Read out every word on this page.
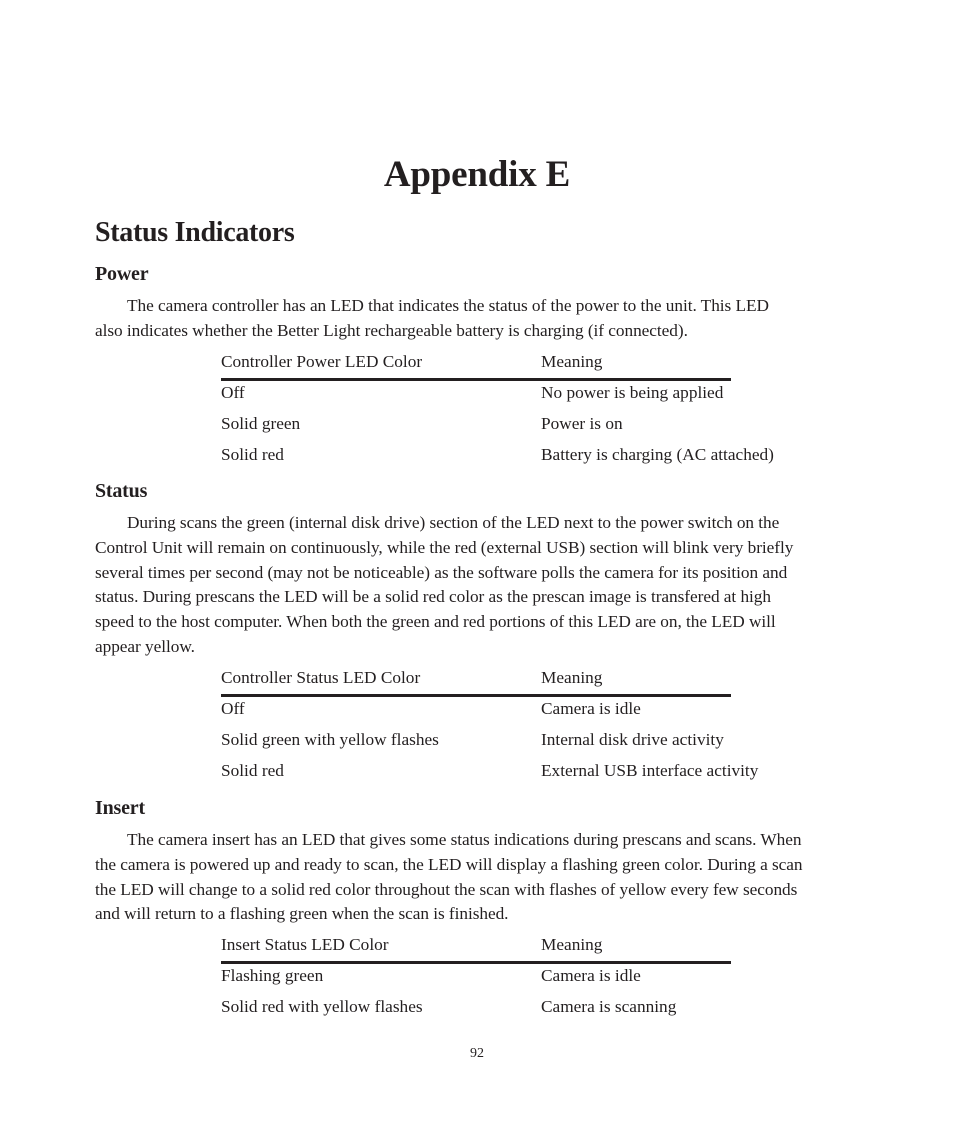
Appendix E
Status Indicators
Power

The camera controller has an LED that indicates the status of the power to the unit. This LED
also indicates whether the Better Light rechargeable battery is charging (if connected).

Controller Power LED Color	Meaning
Off	No power is being applied
Solid green	Power is on
Solid red	Battery is charging (AC attached)
Status

During scans the green (internal disk drive) section of the LED next to the power switch on the
Control Unit will remain on continuously, while the red (external USB) section will blink very briefly
several times per second (may not be noticeable) as the software polls the camera for its position and
status. During prescans the LED will be a solid red color as the prescan image is transfered at high
speed to the host computer. When both the green and red portions of this LED are on, the LED will
appear yellow.

Controller Status LED Color	Meaning
Off	Camera is idle
Solid green with yellow flashes	Internal disk drive activity
Solid red	External USB interface activity
Insert

The camera insert has an LED that gives some status indications during prescans and scans. When
the camera is powered up and ready to scan, the LED will display a flashing green color. During a scan
the LED will change to a solid red color throughout the scan with flashes of yellow every few seconds
and will return to a flashing green when the scan is finished.

Insert Status LED Color	Meaning
Flashing green	Camera is idle
Solid red with yellow flashes	Camera is scanning
92
